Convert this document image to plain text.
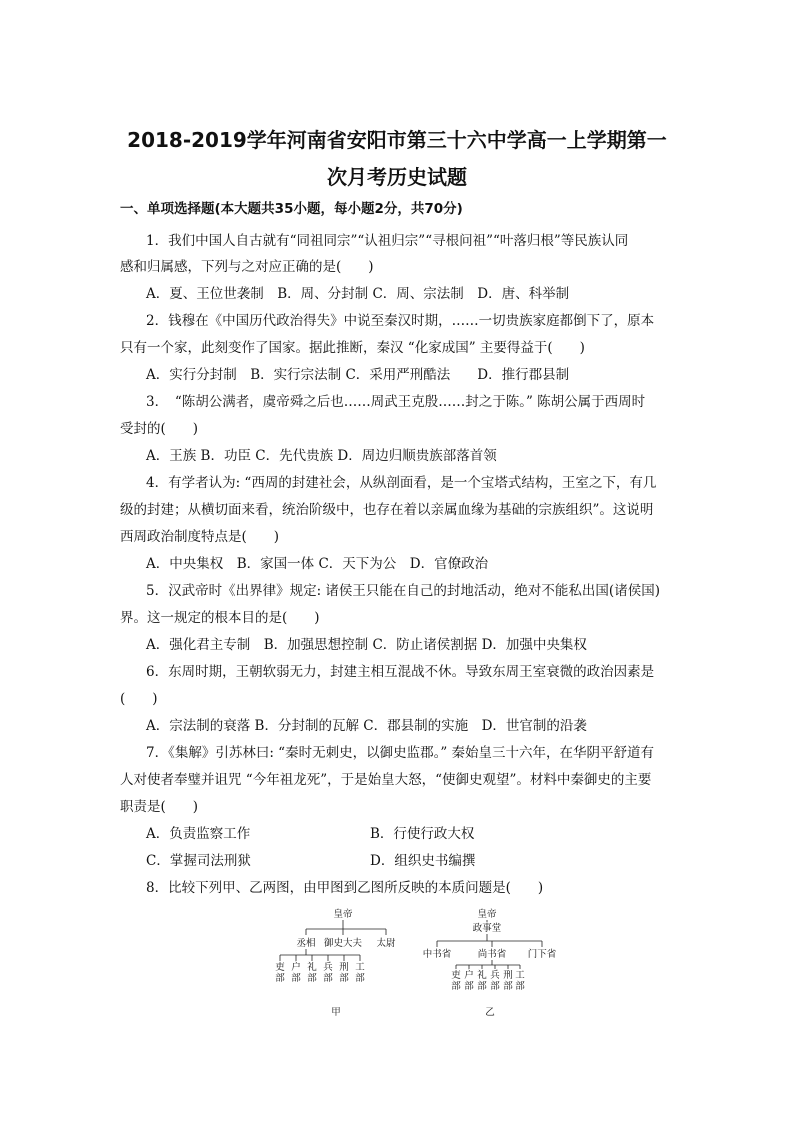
2018-2019学年河南省安阳市第三十六中学高一上学期第一
次月考历史试题
一、单项选择题(本大题共35小题，每小题2分，共70分)
1．我们中国人自古就有“同祖同宗”“认祖归宗”“寻根问祖”“叶落归根”等民族认同
感和归属感，下列与之对应正确的是(　　)
A．夏、王位世袭制　B．周、分封制 C．周、宗法制　D．唐、科举制
2．钱穆在《中国历代政治得失》中说至秦汉时期，……一切贵族家庭都倒下了，原本
只有一个家，此刻变作了国家。据此推断，秦汉 “化家成国” 主要得益于(　　)
A．实行分封制　B．实行宗法制 C．采用严刑酷法　　D．推行郡县制
3．　“陈胡公满者，虞帝舜之后也……周武王克殷……封之于陈。” 陈胡公属于西周时
受封的(　　)
A．王族 B．功臣 C．先代贵族 D．周边归顺贵族部落首领
4．有学者认为: “西周的封建社会，从纵剖面看，是一个宝塔式结构，王室之下，有几
级的封建；从横切面来看，统治阶级中，也存在着以亲属血缘为基础的宗族组织”。这说明
西周政治制度特点是(　　)
A．中央集权　B．家国一体 C．天下为公　D．官僚政治
5．汉武帝时《出界律》规定: 诸侯王只能在自己的封地活动，绝对不能私出国(诸侯国)
界。这一规定的根本目的是(　　)
A．强化君主专制　B．加强思想控制 C．防止诸侯割据 D．加强中央集权
6．东周时期，王朝软弱无力，封建主相互混战不休。导致东周王室衰微的政治因素是
(　　)
A．宗法制的衰落 B．分封制的瓦解 C．郡县制的实施　D．世官制的沿袭
7．《集解》引苏林曰: “秦时无刺史，以御史监郡。” 秦始皇三十六年，在华阴平舒道有
人对使者奉璧并诅咒 “今年祖龙死”，于是始皇大怒，“使御史观望”。材料中秦御史的主要
职责是(　　)
A．负责监察工作	B．行使行政大权
C．掌握司法刑狱	D．组织史书编撰
8．比较下列甲、乙两图，由甲图到乙图所反映的本质问题是(　　)
皇帝
丞相 御史大夫 太尉
吏部
户部
礼部
兵部
刑部
工部
甲
皇帝
政事堂
中书省	尚书省 门下省
吏部
户部
礼部
兵部
刑部
工部
乙
